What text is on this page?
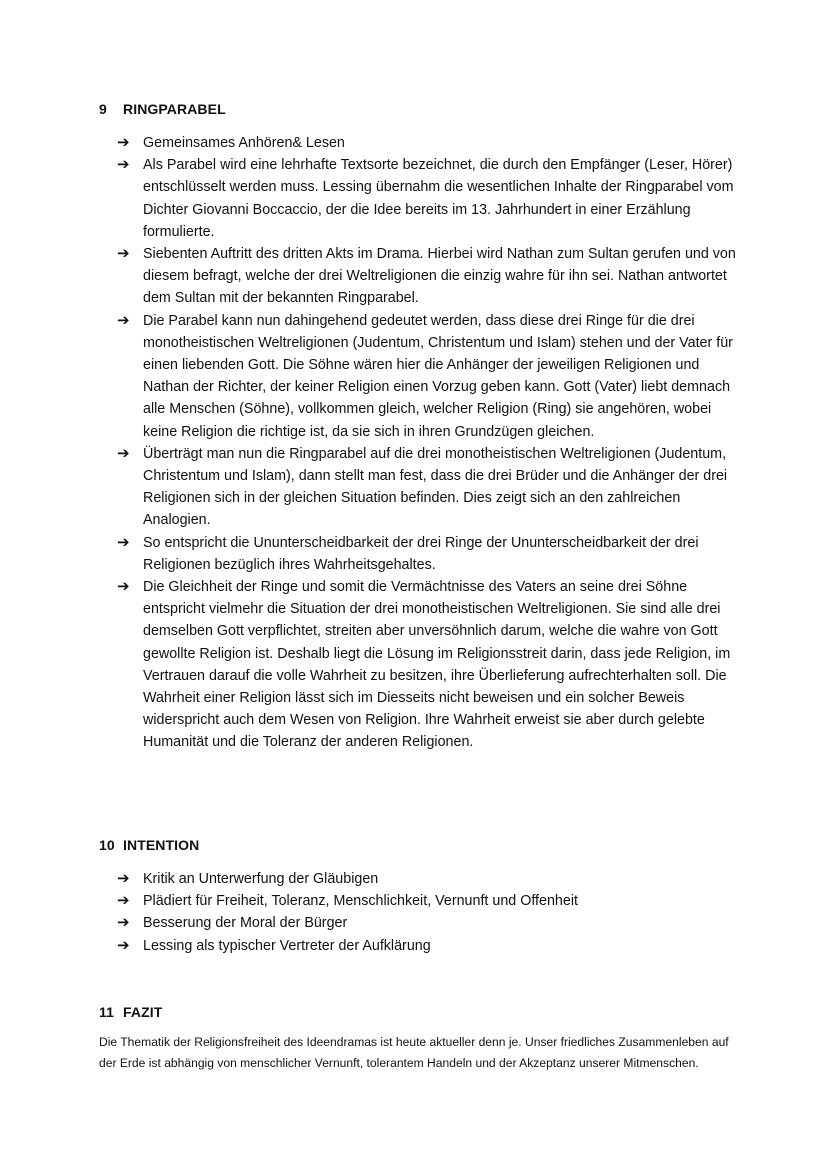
9 RINGPARABEL
➔ Gemeinsames Anhören& Lesen
➔ Als Parabel wird eine lehrhafte Textsorte bezeichnet, die durch den Empfänger (Leser, Hörer) entschlüsselt werden muss. Lessing übernahm die wesentlichen Inhalte der Ringparabel vom Dichter Giovanni Boccaccio, der die Idee bereits im 13. Jahrhundert in einer Erzählung formulierte.
➔ Siebenten Auftritt des dritten Akts im Drama. Hierbei wird Nathan zum Sultan gerufen und von diesem befragt, welche der drei Weltreligionen die einzig wahre für ihn sei. Nathan antwortet dem Sultan mit der bekannten Ringparabel.
➔ Die Parabel kann nun dahingehend gedeutet werden, dass diese drei Ringe für die drei monotheistischen Weltreligionen (Judentum, Christentum und Islam) stehen und der Vater für einen liebenden Gott. Die Söhne wären hier die Anhänger der jeweiligen Religionen und Nathan der Richter, der keiner Religion einen Vorzug geben kann. Gott (Vater) liebt demnach alle Menschen (Söhne), vollkommen gleich, welcher Religion (Ring) sie angehören, wobei keine Religion die richtige ist, da sie sich in ihren Grundzügen gleichen.
➔ Überträgt man nun die Ringparabel auf die drei monotheistischen Weltreligionen (Judentum, Christentum und Islam), dann stellt man fest, dass die drei Brüder und die Anhänger der drei Religionen sich in der gleichen Situation befinden. Dies zeigt sich an den zahlreichen Analogien.
➔ So entspricht die Ununterscheidbarkeit der drei Ringe der Ununterscheidbarkeit der drei Religionen bezüglich ihres Wahrheitsgehaltes.
➔ Die Gleichheit der Ringe und somit die Vermächtnisse des Vaters an seine drei Söhne entspricht vielmehr die Situation der drei monotheistischen Weltreligionen. Sie sind alle drei demselben Gott verpflichtet, streiten aber unversöhnlich darum, welche die wahre von Gott gewollte Religion ist. Deshalb liegt die Lösung im Religionsstreit darin, dass jede Religion, im Vertrauen darauf die volle Wahrheit zu besitzen, ihre Überlieferung aufrechterhalten soll. Die Wahrheit einer Religion lässt sich im Diesseits nicht beweisen und ein solcher Beweis widerspricht auch dem Wesen von Religion. Ihre Wahrheit erweist sie aber durch gelebte Humanität und die Toleranz der anderen Religionen.
10 INTENTION
➔ Kritik an Unterwerfung der Gläubigen
➔ Plädiert für Freiheit, Toleranz, Menschlichkeit, Vernunft und Offenheit
➔ Besserung der Moral der Bürger
➔ Lessing als typischer Vertreter der Aufklärung
11 FAZIT

Die Thematik der Religionsfreiheit des Ideendramas ist heute aktueller denn je. Unser friedliches Zusammenleben auf der Erde ist abhängig von menschlicher Vernunft, tolerantem Handeln und der Akzeptanz unserer Mitmenschen.
